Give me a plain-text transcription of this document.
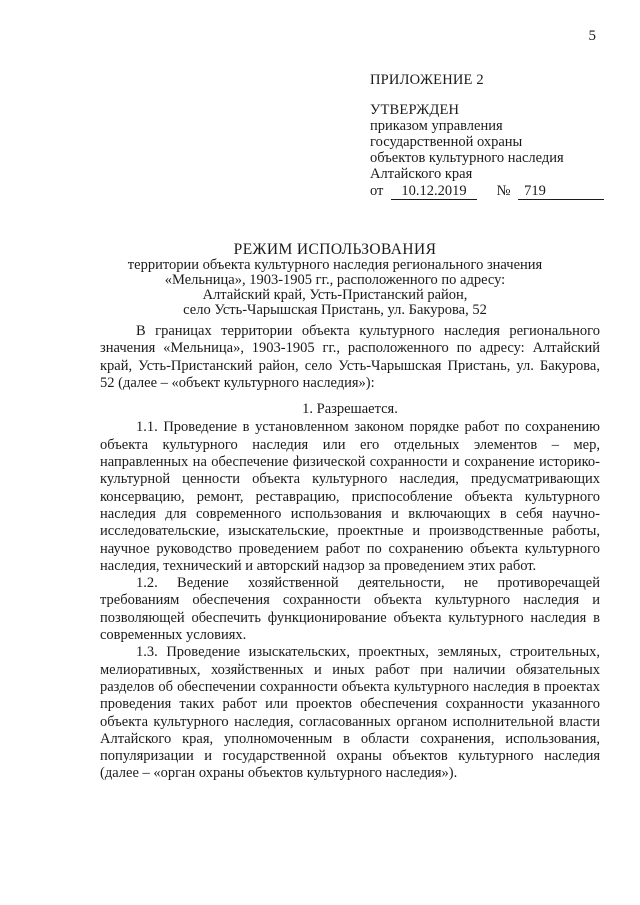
5
ПРИЛОЖЕНИЕ 2
УТВЕРЖДЕН
приказом управления
государственной охраны
объектов культурного наследия
Алтайского края
от 10.12.2019 № 719
РЕЖИМ ИСПОЛЬЗОВАНИЯ
территории объекта культурного наследия регионального значения
«Мельница», 1903-1905 гг., расположенного по адресу:
Алтайский край, Усть-Пристанский район,
село Усть-Чарышская Пристань, ул. Бакурова, 52

В границах территории объекта культурного наследия регионального значения «Мельница», 1903-1905 гг., расположенного по адресу: Алтайский край, Усть-Пристанский район, село Усть-Чарышская Пристань, ул. Бакурова, 52 (далее – «объект культурного наследия»):

1. Разрешается.

1.1. Проведение в установленном законом порядке работ по сохранению объекта культурного наследия или его отдельных элементов – мер, направленных на обеспечение физической сохранности и сохранение историко-культурной ценности объекта культурного наследия, предусматривающих консервацию, ремонт, реставрацию, приспособление объекта культурного наследия для современного использования и включающих в себя научно-исследовательские, изыскательские, проектные и производственные работы, научное руководство проведением работ по сохранению объекта культурного наследия, технический и авторский надзор за проведением этих работ.

1.2. Ведение хозяйственной деятельности, не противоречащей требованиям обеспечения сохранности объекта культурного наследия и позволяющей обеспечить функционирование объекта культурного наследия в современных условиях.

1.3. Проведение изыскательских, проектных, земляных, строительных, мелиоративных, хозяйственных и иных работ при наличии обязательных разделов об обеспечении сохранности объекта культурного наследия в проектах проведения таких работ или проектов обеспечения сохранности указанного объекта культурного наследия, согласованных органом исполнительной власти Алтайского края, уполномоченным в области сохранения, использования, популяризации и государственной охраны объектов культурного наследия (далее – «орган охраны объектов культурного наследия»).
